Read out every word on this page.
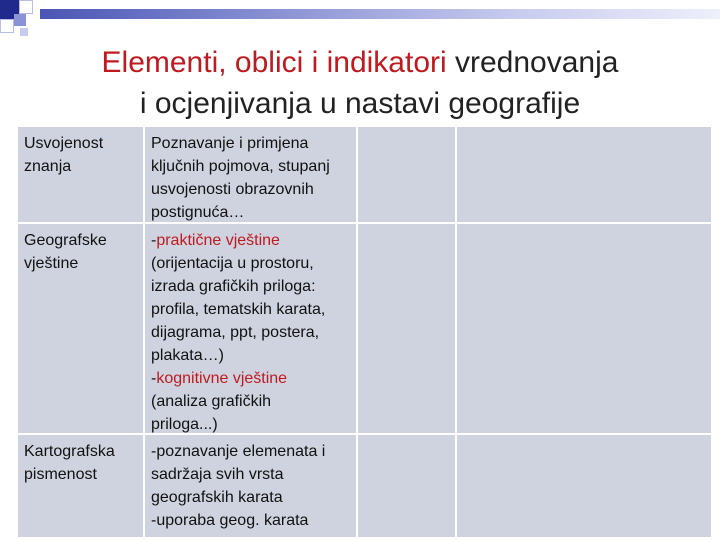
Elementi, oblici i indikatori vrednovanja
i ocjenjivanja u nastavi geografije
Usvojenost
znanja
Poznavanje i primjena
ključnih pojmova, stupanj
usvojenosti obrazovnih
postignuća…
Geografske
vještine
-praktične vještine
(orijentacija u prostoru,
izrada grafičkih priloga:
profila, tematskih karata,
dijagrama, ppt, postera,
plakata…)
-kognitivne vještine
(analiza grafičkih
priloga...)
Kartografska
pismenost
-poznavanje elemenata i
sadržaja svih vrsta
geografskih karata
-uporaba geog. karata
